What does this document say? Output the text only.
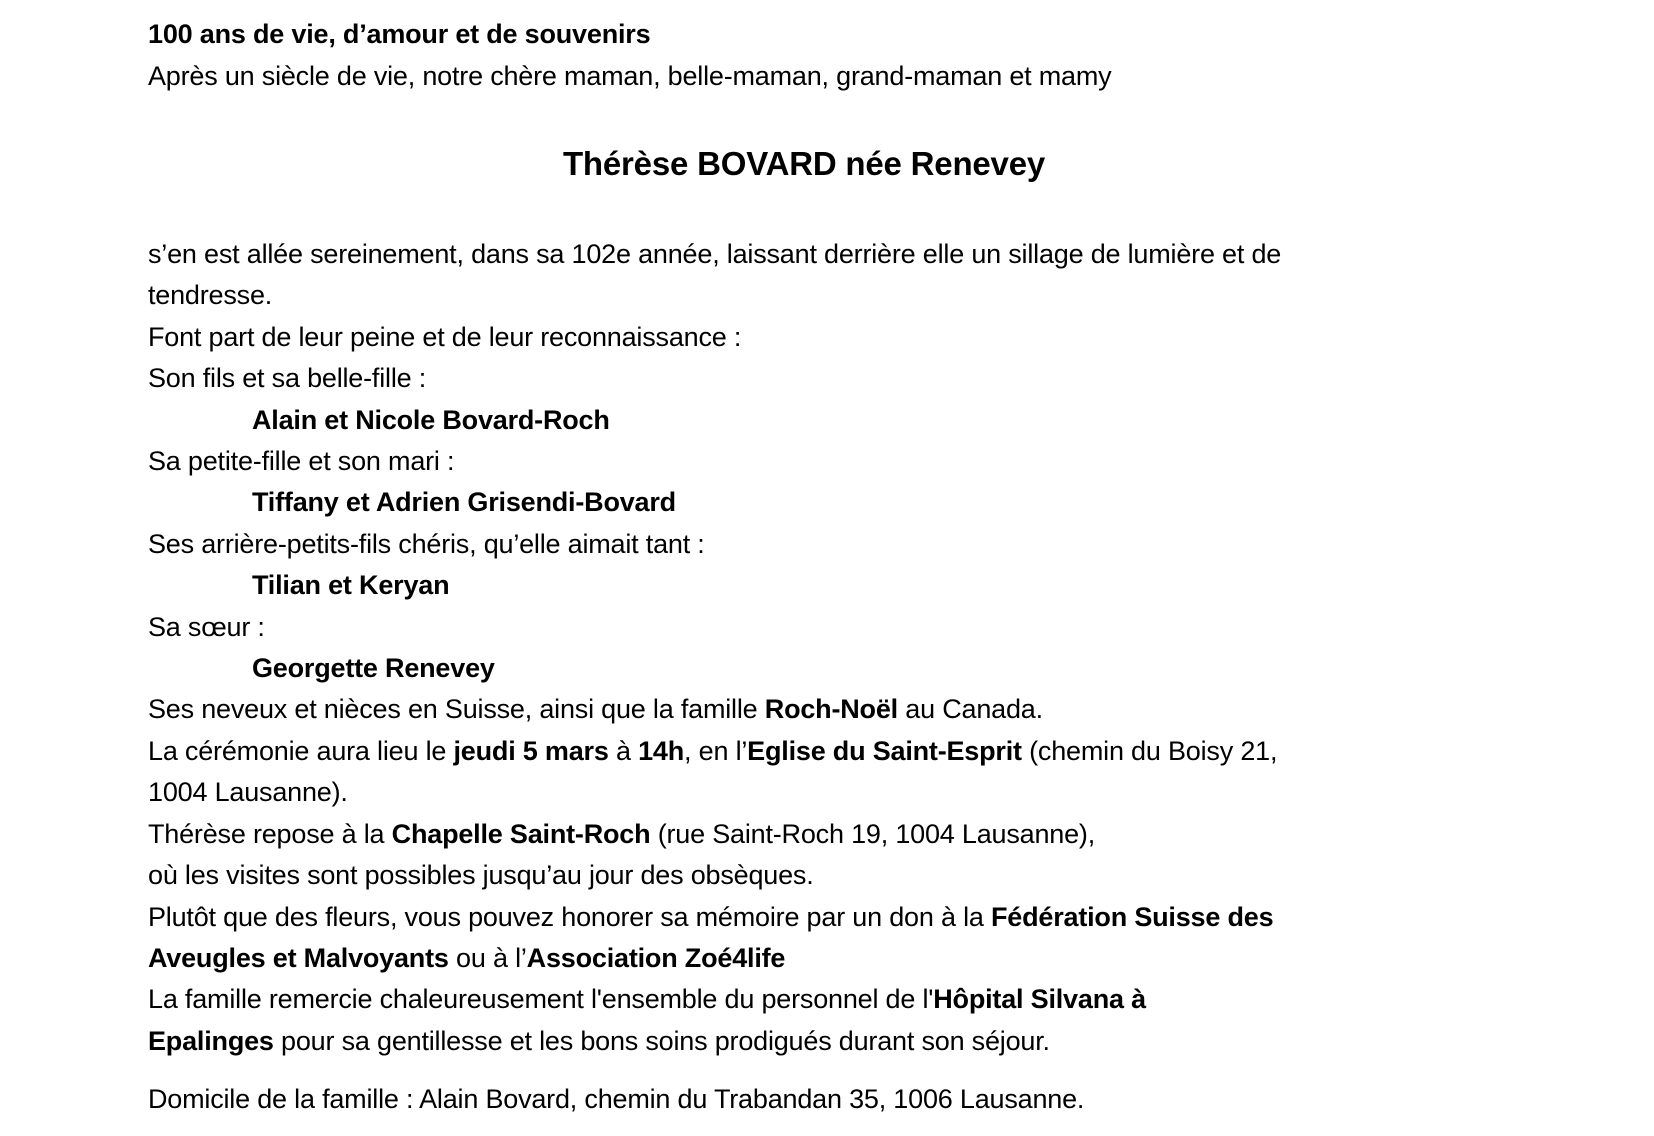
100 ans de vie, d’amour et de souvenirs
Après un siècle de vie, notre chère maman, belle-maman, grand-maman et mamy
Thérèse BOVARD née Renevey
s’en est allée sereinement, dans sa 102e année, laissant derrière elle un sillage de lumière et de
tendresse.
Font part de leur peine et de leur reconnaissance :
Son fils et sa belle-fille :
Alain et Nicole Bovard-Roch
Sa petite-fille et son mari :
Tiffany et Adrien Grisendi-Bovard
Ses arrière-petits-fils chéris, qu’elle aimait tant :
Tilian et Keryan
Sa sœur :
Georgette Renevey
Ses neveux et nièces en Suisse, ainsi que la famille Roch-Noël au Canada.
La cérémonie aura lieu le jeudi 5 mars à 14h, en l’Eglise du Saint-Esprit (chemin du Boisy 21,
1004 Lausanne).
Thérèse repose à la Chapelle Saint-Roch (rue Saint-Roch 19, 1004 Lausanne),
où les visites sont possibles jusqu’au jour des obsèques.
Plutôt que des fleurs, vous pouvez honorer sa mémoire par un don à la Fédération Suisse des
Aveugles et Malvoyants ou à l’Association Zoé4life
La famille remercie chaleureusement l'ensemble du personnel de l'Hôpital Silvana à
Epalinges pour sa gentillesse et les bons soins prodigués durant son séjour.
Domicile de la famille : Alain Bovard, chemin du Trabandan 35, 1006 Lausanne.
